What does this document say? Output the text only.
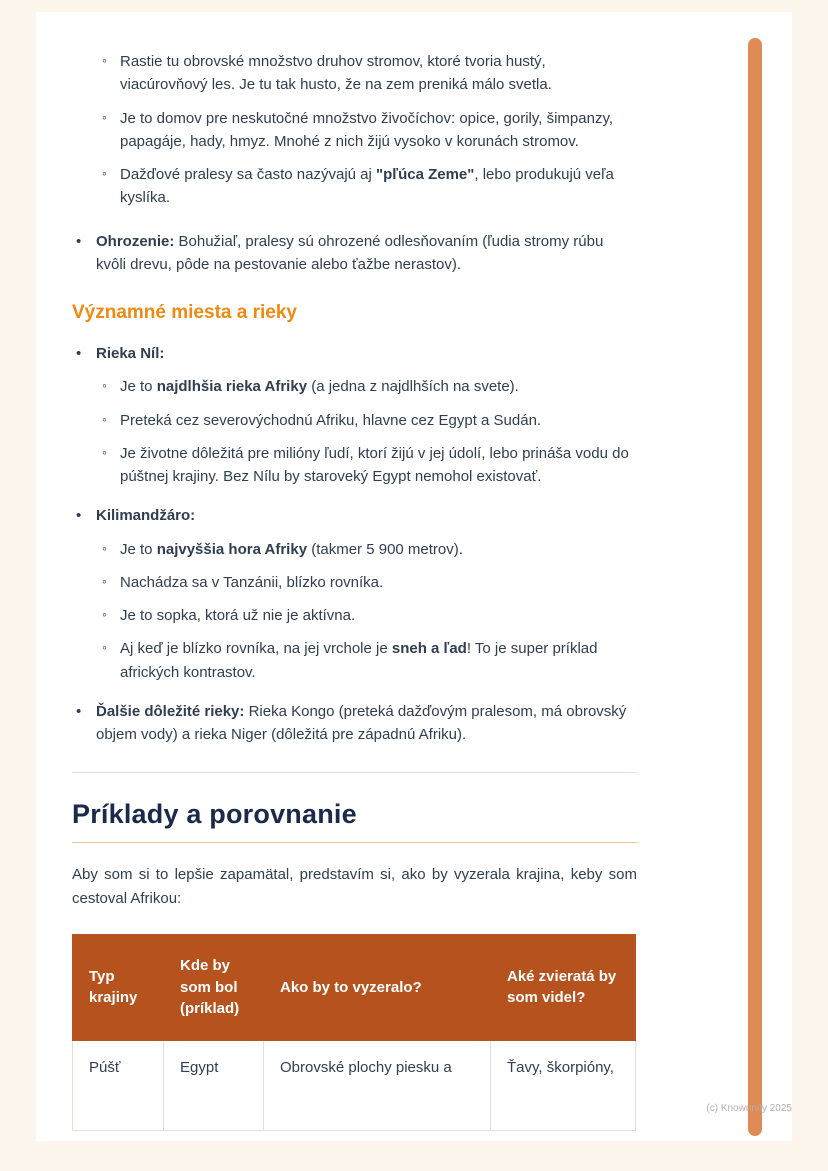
◦ Rastie tu obrovské množstvo druhov stromov, ktoré tvoria hustý, viacúrovňový les. Je tu tak husto, že na zem preniká málo svetla.
◦ Je to domov pre neskutočné množstvo živočíchov: opice, gorily, šimpanzy, papagáje, hady, hmyz. Mnohé z nich žijú vysoko v korunách stromov.
◦ Dažďové pralesy sa často nazývajú aj "pľúca Zeme", lebo produkujú veľa kyslíka.
• Ohrozenie: Bohužiaľ, pralesy sú ohrozené odlesňovaním (ľudia stromy rúbu kvôli drevu, pôde na pestovanie alebo ťažbe nerastov).
Významné miesta a rieky
• Rieka Níl:
◦ Je to najdlhšia rieka Afriky (a jedna z najdlhších na svete).
◦ Preteká cez severovýchodnú Afriku, hlavne cez Egypt a Sudán.
◦ Je životne dôležitá pre milióny ľudí, ktorí žijú v jej údolí, lebo prináša vodu do púštnej krajiny. Bez Nílu by staroveký Egypt nemohol existovať.
• Kilimandžáro:
◦ Je to najvyššia hora Afriky (takmer 5 900 metrov).
◦ Nachádza sa v Tanzánii, blízko rovníka.
◦ Je to sopka, ktorá už nie je aktívna.
◦ Aj keď je blízko rovníka, na jej vrchole je sneh a ľad! To je super príklad afrických kontrastov.
• Ďalšie dôležité rieky: Rieka Kongo (preteká dažďovým pralesom, má obrovský objem vody) a rieka Niger (dôležitá pre západnú Afriku).
Príklady a porovnanie

Aby som si to lepšie zapamätal, predstavím si, ako by vyzerala krajina, keby som cestoval Afrikou:

Typ krajiny	Kde by som bol (príklad)	Ako by to vyzeralo?	Aké zvieratá by som videl?
Púšť	Egypt	Obrovské plochy piesku a	Ťavy, škorpióny,
(c) Knowunity 2025
